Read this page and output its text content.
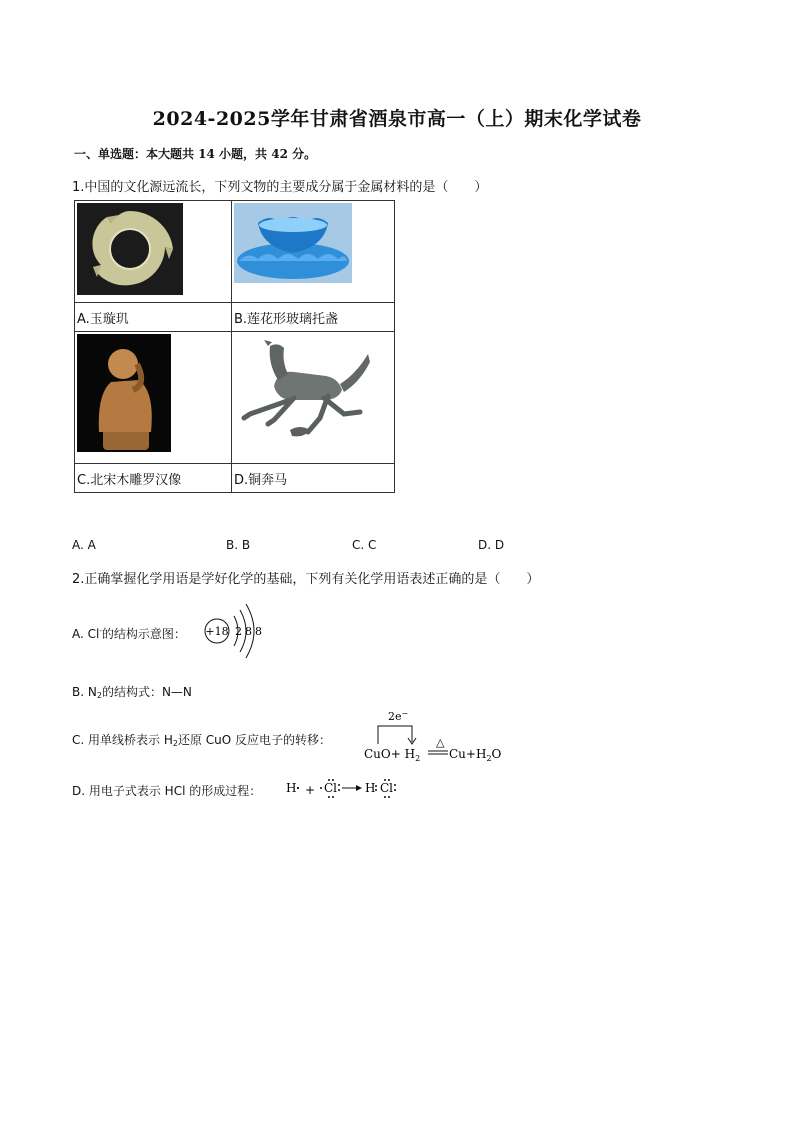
2024-2025学年甘肃省酒泉市高一（上）期末化学试卷
一、单选题：本大题共 14 小题，共 42 分。
1.中国的文化源远流长，下列文物的主要成分属于金属材料的是（　　）

A.玉璇玑	B.莲花形玻璃托盏

C.北宋木雕罗汉像	D.铜奔马
A. A	B. B	C. C	D. D
2.正确掌握化学用语是学好化学的基础，下列有关化学用语表述正确的是（　　）
A. Cl-的结构示意图： +18 2 8 8
B. $N_2$的结构式：N—N
C. 用单线桥表示 $H_2$还原 CuO 反应电子的转移：
2e−
$CuO+ H_2$
△
$Cu+H_2O$
D. 用电子式表示 HCl 的形成过程： H + Cl H Cl
